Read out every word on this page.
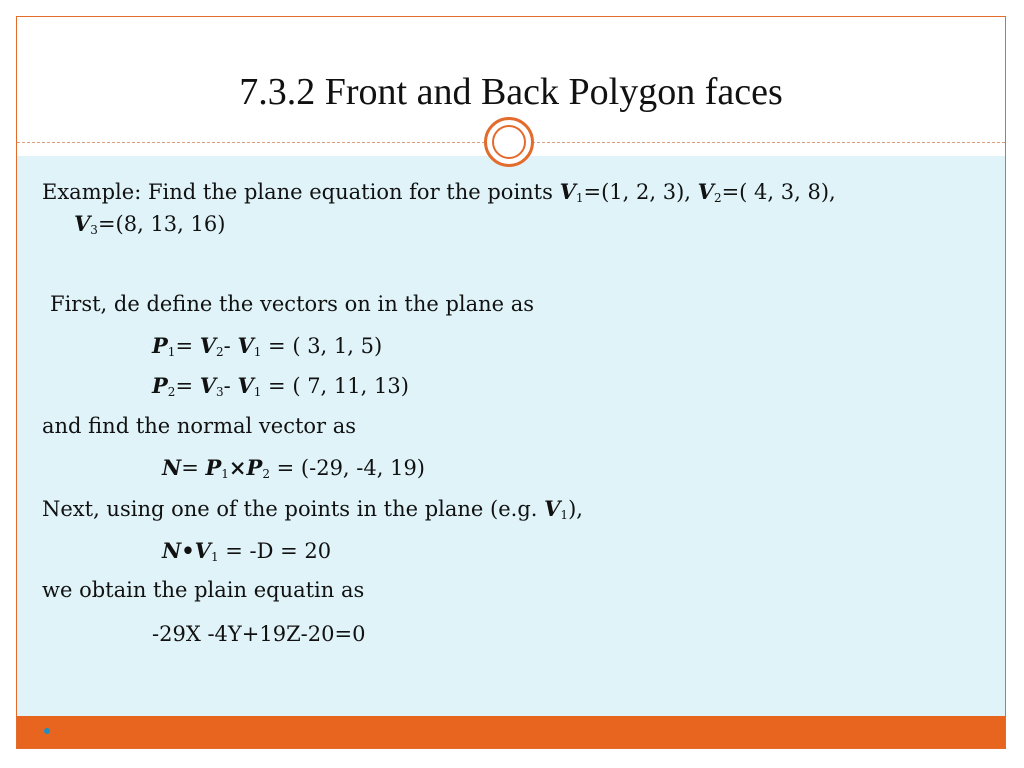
7.3.2 Front and Back Polygon faces
Example: Find the plane equation for the points $V_1=(1$, 2, 3), $V_2=$( 4, 3, 8),
$V_3=(8$, 13, 16)
First, de define the vectors on in the plane as
$P_1= V_2-$ $V_1$ = ( 3, 1, 5)
$P_2= V_3-$ $V_1$ = ( 7, 11, 13)
and find the normal vector as
$N= P_1\times P_2 = (-29$, -4, 19)
Next, using one of the points in the plane (e.g. $V_1$),
$N•V_1 = -D = 20$
we obtain the plain equatin as
-29X -4Y+19Z-20=0
